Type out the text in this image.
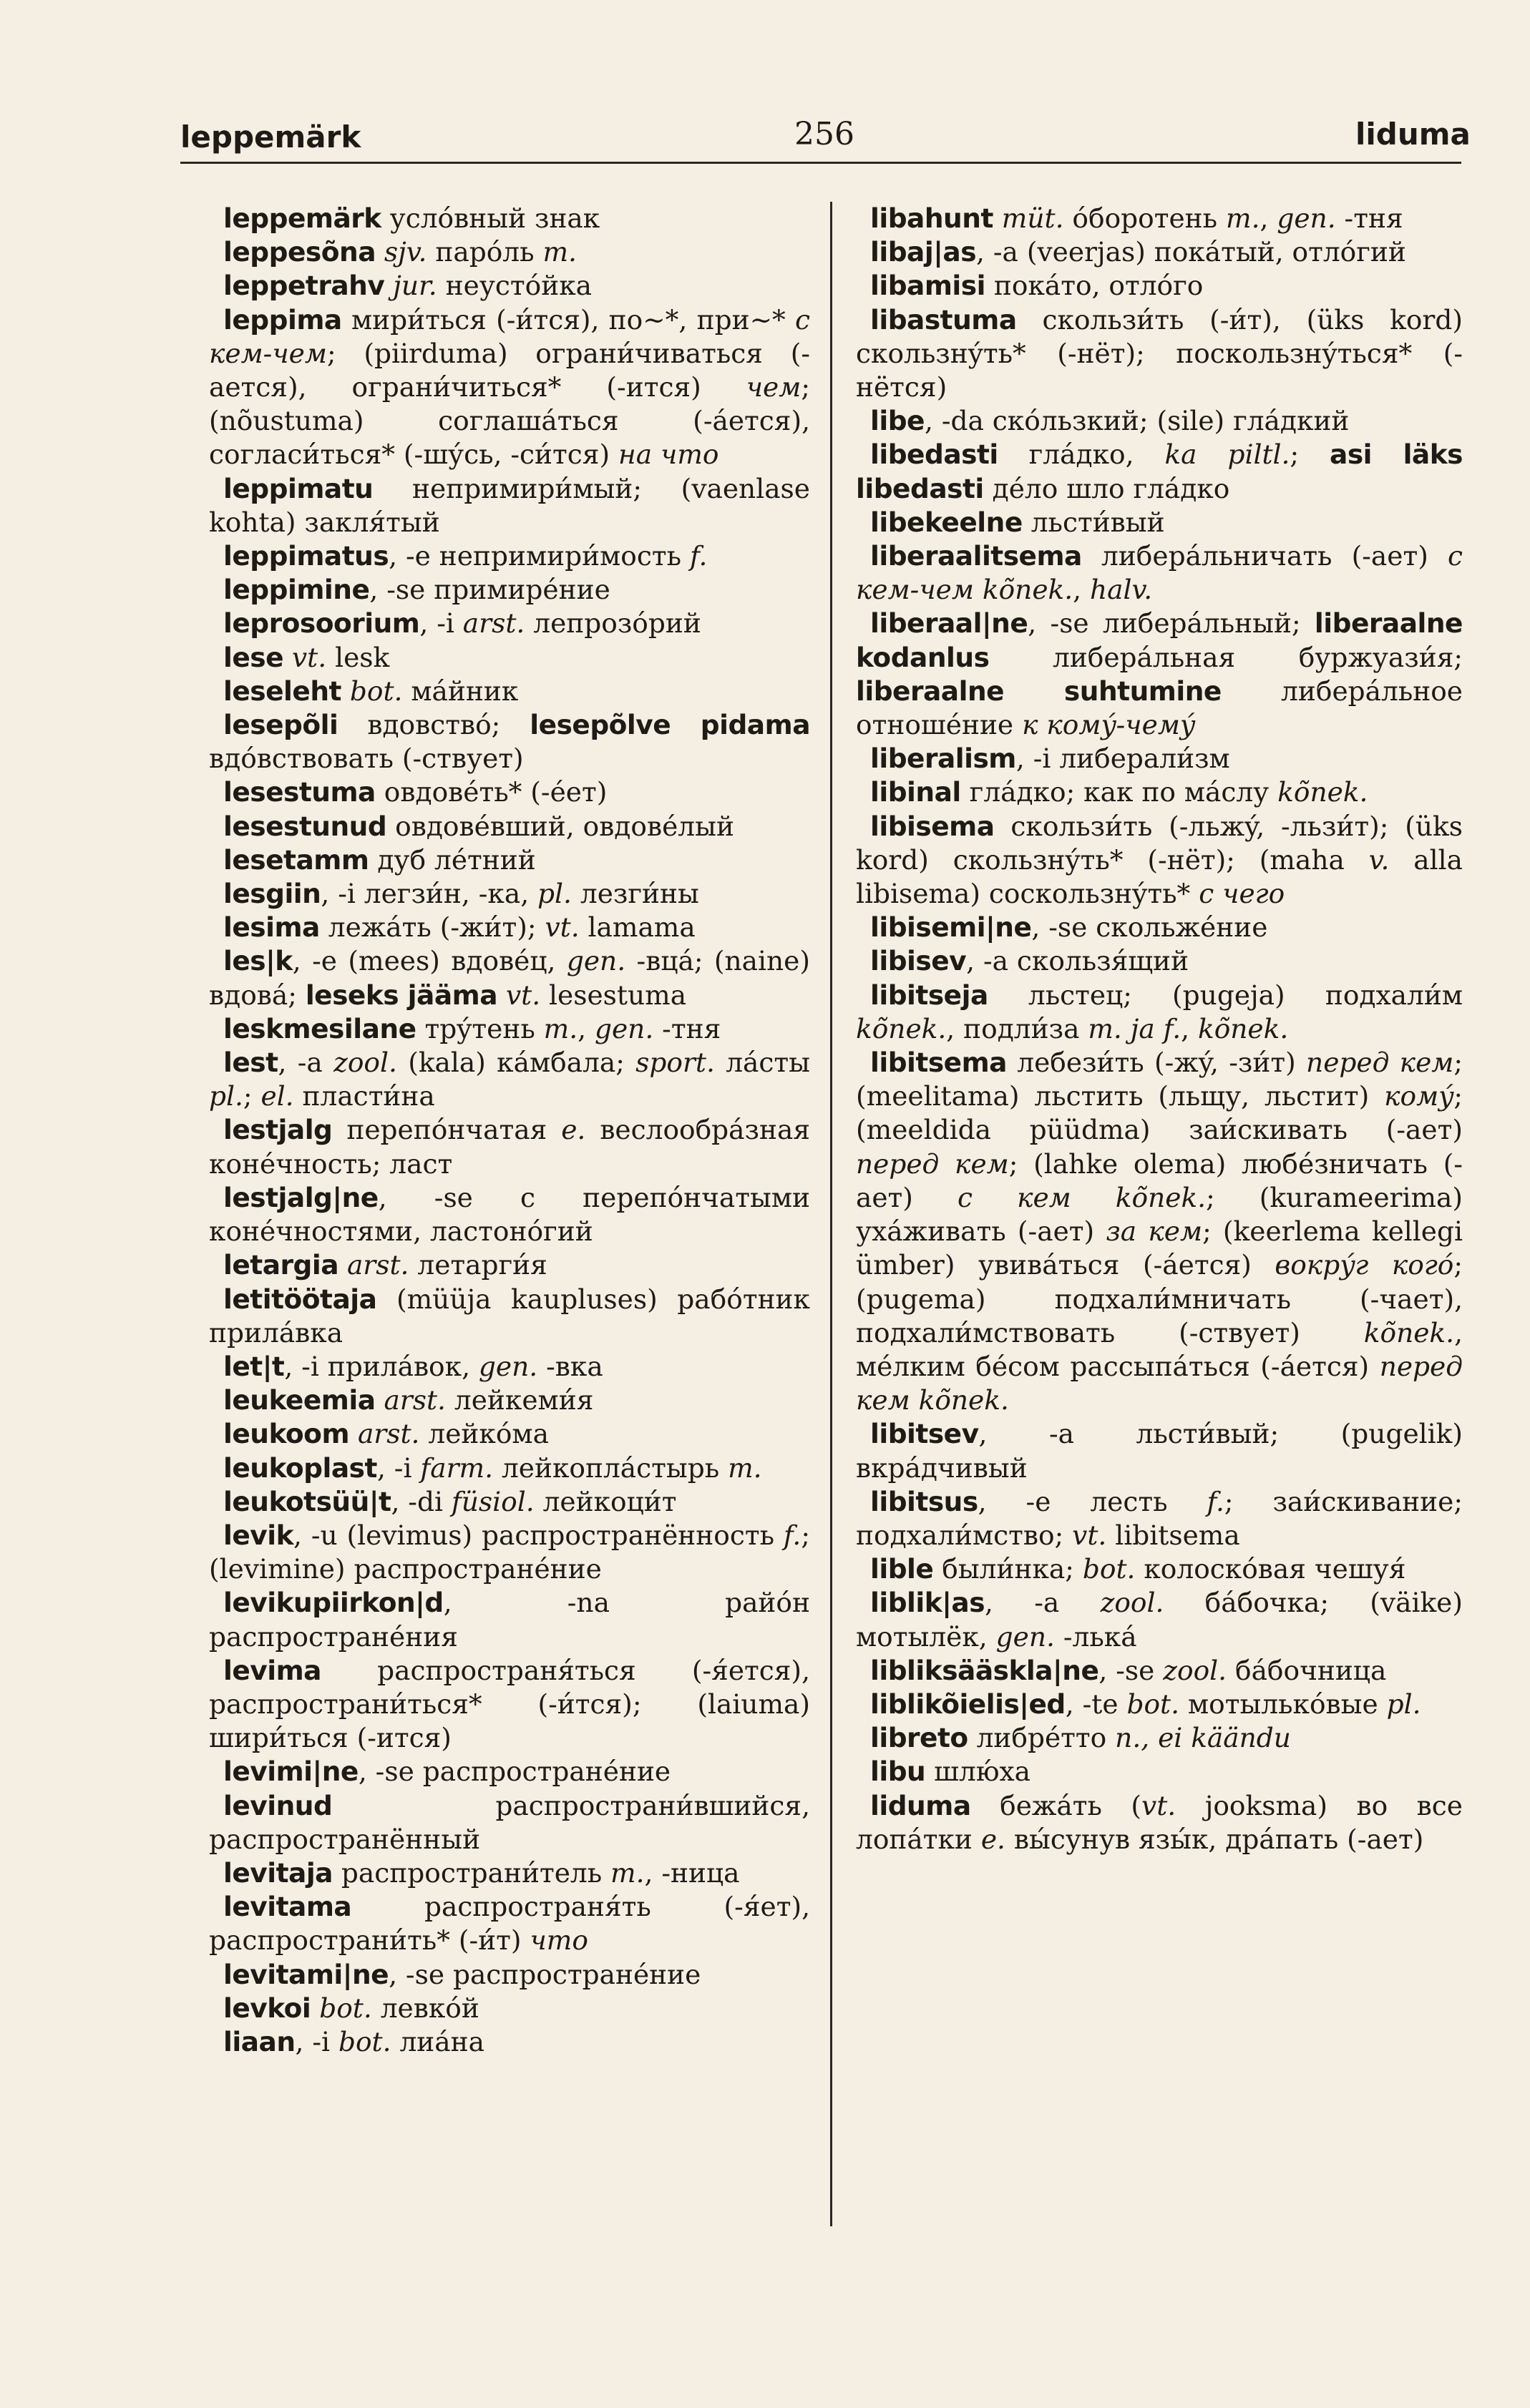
leppemärk	256	liduma

leppemärk услóвный знак

leppesõna sjv. парóль m.

leppetrahv jur. неустóйка

leppima мири́ться (-и́тся), по~*, при~* с кем-чем; (piirduma) ограни́чиваться (-ается), ограни́читься* (-ится) чем; (nõustuma) соглашáться (-áется), согласи́ться* (-шу́сь, -си́тся) на что

leppimatu непримири́мый; (vaenlase kohta) закля́тый

leppimatus, -e непримири́мость f.

leppimine, -se примирéние

leprosoorium, -i arst. лепрозóрий

lese vt. lesk

leseleht bot. мáйник

lesepõli вдовствó; lesepõlve pidama вдóвствовать (-ствует)

lesestuma овдовéть* (-éет)

lesestunud овдовéвший, овдовéлый

lesetamm дуб лéтний

lesgiin, -i легзи́н, -ка, pl. лезги́ны

lesima лежáть (-жи́т); vt. lamama

les|k, -e (mees) вдовéц, gen. -вцá; (naine) вдовá; leseks jääma vt. lesestuma

leskmesilane трýтень m., gen. -тня

lest, -a zool. (kala) кáмбала; sport. лáсты pl.; el. пласти́на

lestjalg перепóнчатая e. веслообрáзная конéчность; ласт

lestjalg|ne, -se с перепóнчатыми конéчностями, ластонóгий

letargia arst. летарги́я

letitöötaja (müüja kaupluses) рабóтник прилáвка

let|t, -i прилáвок, gen. -вка

leukeemia arst. лейкеми́я

leukoom arst. лейкóма

leukoplast, -i farm. лейкоплáстырь m.

leukotsüü|t, -di füsiol. лейкоци́т

levik, -u (levimus) распространённость f.; (levimine) распространéние

levikupiirkon|d, -na райóн распространéния

levima распространя́ться (-я́ется), распространи́ться* (-и́тся); (laiuma) шири́ться (-ится)

levimi|ne, -se распространéние

levinud распространи́вшийся, распространённый

levitaja распространи́тель m., -ница

levitama распространя́ть (-я́ет), распространи́ть* (-и́т) что

levitami|ne, -se распространéние

levkoi bot. левкóй

liaan, -i bot. лиáна

libahunt müt. óборотень m., gen. -тня

libaj|as, -a (veerjas) покáтый, отлóгий

libamisi покáто, отлóго

libastuma скользи́ть (-и́т), (üks kord) скользнýть* (-нёт); поскользнýться* (-нётся)

libe, -da скóльзкий; (sile) глáдкий

libedasti глáдко, ka piltl.; asi läks libedasti дéло шло глáдко

libekeelne льсти́вый

liberaalitsema либерáльничать (-ает) с кем-чем kõnek., halv.

liberaal|ne, -se либерáльный; liberaalne kodanlus либерáльная буржуази́я; liberaalne suhtumine либерáльное отношéние к комý-чемý

liberalism, -i либерали́зм

libinal глáдко; как по мáслу kõnek.

libisema скользи́ть (-льжý, -льзи́т); (üks kord) скользнýть* (-нёт); (maha v. alla libisema) соскользнýть* с чего

libisemi|ne, -se скольжéние

libisev, -a скользя́щий

libitseja льстец; (pugeja) подхали́м kõnek., подли́за m. ja f., kõnek.

libitsema лебези́ть (-жý, -зи́т) перед кем; (meelitama) льстить (льщу, льстит) комý; (meeldida püüdma) заи́скивать (-ает) перед кем; (lahke olema) любéзничать (-ает) с кем kõnek.; (kurameerima) ухáживать (-ает) за кем; (keerlema kellegi ümber) увивáться (-áется) вокрýг когó; (pugema) подхали́мничать (-чает), подхали́мствовать (-ствует) kõnek., мéлким бéсом рассыпáться (-áется) перед кем kõnek.

libitsev, -a льсти́вый; (pugelik) вкрáдчивый

libitsus, -e лесть f.; заи́скивание; подхали́мство; vt. libitsema

lible были́нка; bot. колоскóвая чешуя́

liblik|as, -a zool. бáбочка; (väike) мотылёк, gen. -лькá

libliksääskla|ne, -se zool. бáбочница

liblikõielis|ed, -te bot. мотылькóвые pl.

libreto либрéтто n., ei käändu

libu шлю́ха

liduma бежáть (vt. jooksma) во все лопáтки e. вы́сунув язы́к, дрáпать (-ает)
